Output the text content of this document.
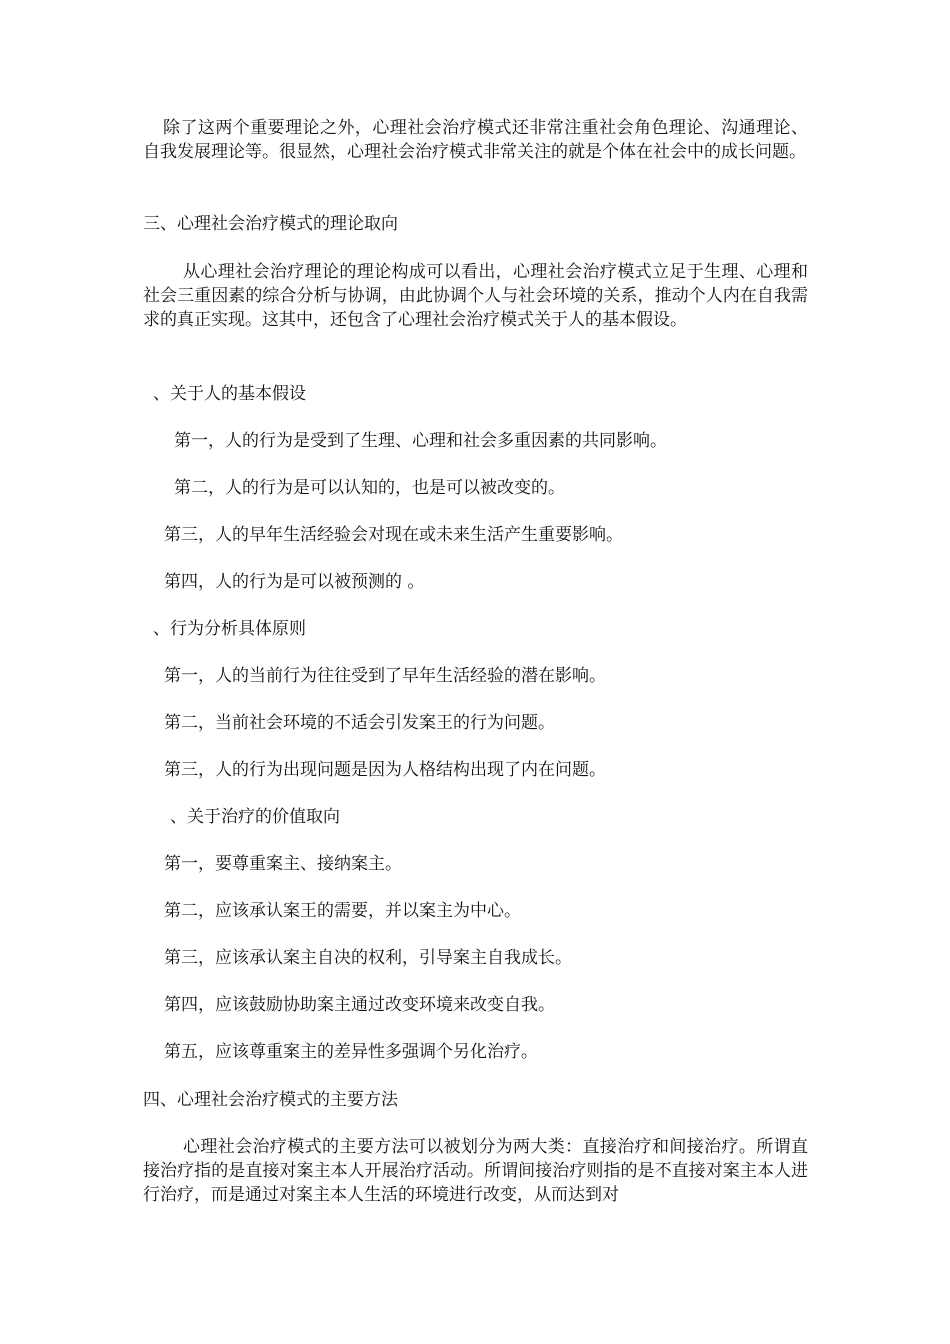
除了这两个重要理论之外，心理社会治疗模式还非常注重社会角色理论、沟通理论、自我发展理论等。很显然，心理社会治疗模式非常关注的就是个体在社会中的成长问题。
三、心理社会治疗模式的理论取向
从心理社会治疗理论的理论构成可以看出，心理社会治疗模式立足于生理、心理和社会三重因素的综合分析与协调，由此协调个人与社会环境的关系，推动个人内在自我需求的真正实现。这其中，还包含了心理社会治疗模式关于人的基本假设。
、关于人的基本假设
第一，人的行为是受到了生理、心理和社会多重因素的共同影响。
第二，人的行为是可以认知的，也是可以被改变的。
第三，人的早年生活经验会对现在或未来生活产生重要影响。
第四，人的行为是可以被预测的 。
、行为分析具体原则
第一，人的当前行为往往受到了早年生活经验的潜在影响。
第二，当前社会环境的不适会引发案王的行为问题。
第三，人的行为出现问题是因为人格结构出现了内在问题。
、关于治疗的价值取向
第一，要尊重案主、接纳案主。
第二，应该承认案王的需要，并以案主为中心。
第三，应该承认案主自决的权利，引导案主自我成长。
第四，应该鼓励协助案主通过改变环境来改变自我。
第五，应该尊重案主的差异性多强调个另化治疗。
四、心理社会治疗模式的主要方法
心理社会治疗模式的主要方法可以被划分为两大类：直接治疗和间接治疗。所谓直接治疗指的是直接对案主本人开展治疗活动。所谓间接治疗则指的是不直接对案主本人进行治疗，而是通过对案主本人生活的环境进行改变，从而达到对
